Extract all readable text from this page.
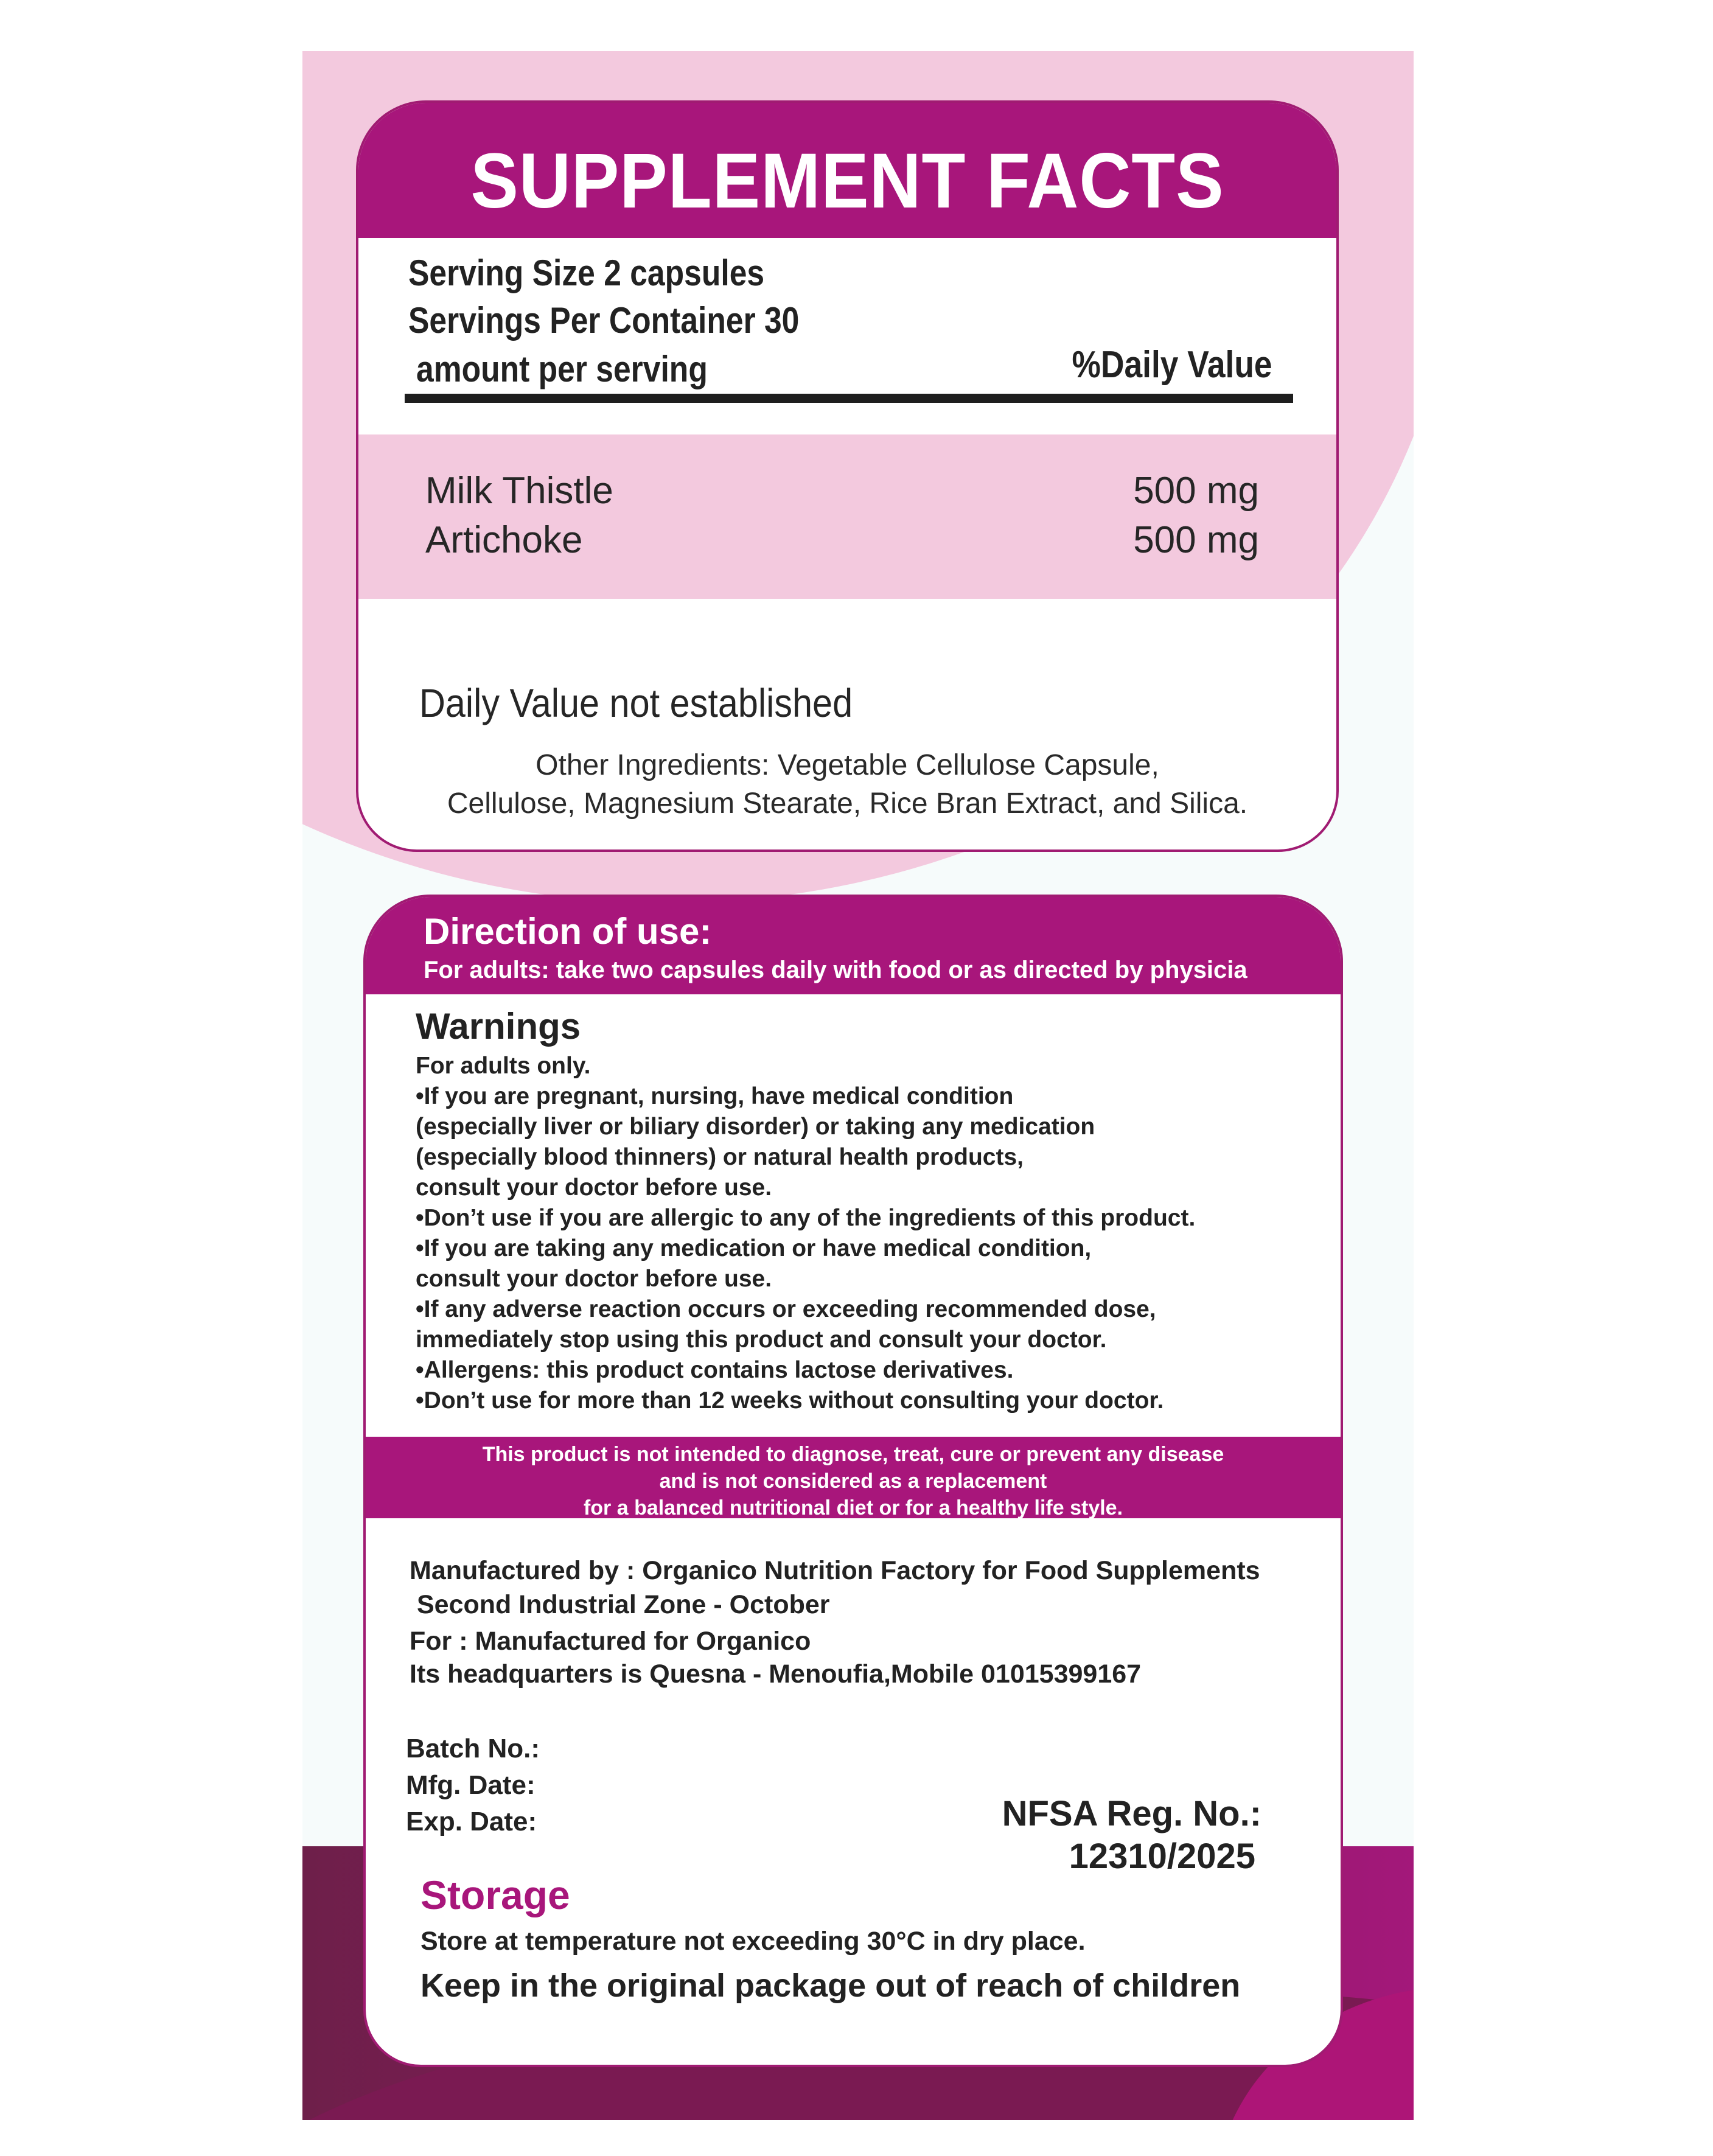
SUPPLEMENT FACTS
Serving Size 2 capsules
Servings Per Container 30
amount per serving	%Daily Value
Milk Thistle	500 mg
Artichoke	500 mg
Daily Value not established
Other Ingredients: Vegetable Cellulose Capsule,
Cellulose, Magnesium Stearate, Rice Bran Extract, and Silica.
Direction of use:
For adults: take two capsules daily with food or as directed by physicia
Warnings
For adults only.
•If you are pregnant, nursing, have medical condition
(especially liver or biliary disorder) or taking any medication
(especially blood thinners) or natural health products,
consult your doctor before use.
•Don’t use if you are allergic to any of the ingredients of this product.
•If you are taking any medication or have medical condition,
consult your doctor before use.
•If any adverse reaction occurs or exceeding recommended dose,
immediately stop using this product and consult your doctor.
•Allergens: this product contains lactose derivatives.
•Don’t use for more than 12 weeks without consulting your doctor.
This product is not intended to diagnose, treat, cure or prevent any disease
and is not considered as a replacement
for a balanced nutritional diet or for a healthy life style.
Manufactured by : Organico Nutrition Factory for Food Supplements
Second Industrial Zone - October
For : Manufactured for Organico
Its headquarters is Quesna - Menoufia,Mobile 01015399167
Batch No.:
Mfg. Date:
Exp. Date:	NFSA Reg. No.:
12310/2025
Storage
Store at temperature not exceeding 30°C in dry place.
Keep in the original package out of reach of children
